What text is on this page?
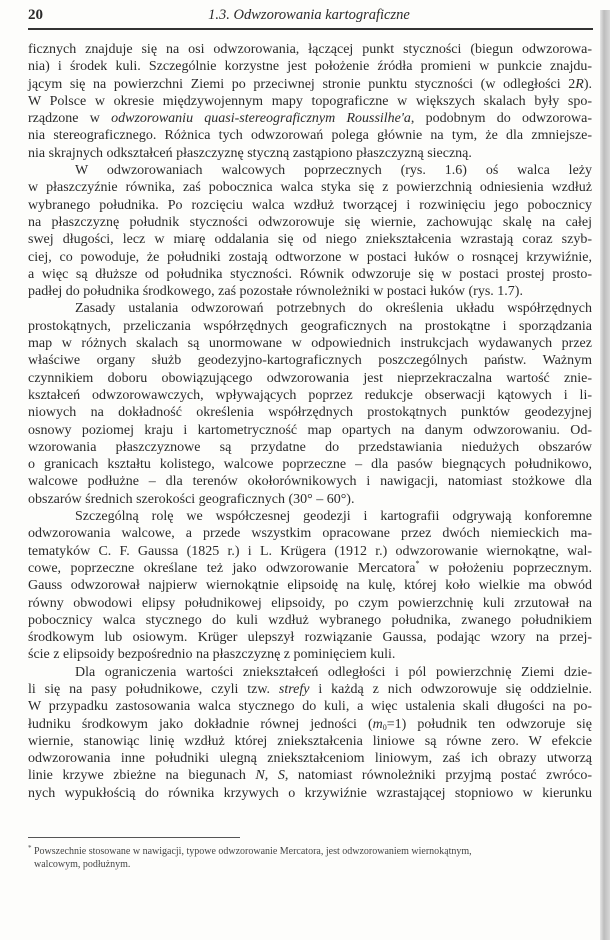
20	1.3. Odwzorowania kartograficzne
ficznych znajduje się na osi odwzorowania, łączącej punkt styczności (biegun odwzorowa-
nia) i środek kuli. Szczególnie korzystne jest położenie źródła promieni w punkcie znajdu-
jącym się na powierzchni Ziemi po przeciwnej stronie punktu styczności (w odległości 2R).
W Polsce w okresie międzywojennym mapy topograficzne w większych skalach były spo-
rządzone w odwzorowaniu quasi-stereograficznym Roussilhe'a, podobnym do odwzorowa-
nia stereograficznego. Różnica tych odwzorowań polega głównie na tym, że dla zmniejsze-
nia skrajnych odkształceń płaszczyznę styczną zastąpiono płaszczyzną sieczną.
W odwzorowaniach walcowych poprzecznych (rys. 1.6) oś walca leży
w płaszczyźnie równika, zaś pobocznica walca styka się z powierzchnią odniesienia wzdłuż
wybranego południka. Po rozcięciu walca wzdłuż tworzącej i rozwinięciu jego pobocznicy
na płaszczyznę południk styczności odwzorowuje się wiernie, zachowując skalę na całej
swej długości, lecz w miarę oddalania się od niego zniekształcenia wzrastają coraz szyb-
ciej, co powoduje, że południki zostają odtworzone w postaci łuków o rosnącej krzywiźnie,
a więc są dłuższe od południka styczności. Równik odwzoruje się w postaci prostej prosto-
padłej do południka środkowego, zaś pozostałe równoleżniki w postaci łuków (rys. 1.7).
Zasady ustalania odwzorowań potrzebnych do określenia układu współrzędnych
prostokątnych, przeliczania współrzędnych geograficznych na prostokątne i sporządzania
map w różnych skalach są unormowane w odpowiednich instrukcjach wydawanych przez
właściwe organy służb geodezyjno-kartograficznych poszczególnych państw. Ważnym
czynnikiem doboru obowiązującego odwzorowania jest nieprzekraczalna wartość znie-
kształceń odwzorowawczych, wpływających poprzez redukcje obserwacji kątowych i li-
niowych na dokładność określenia współrzędnych prostokątnych punktów geodezyjnej
osnowy poziomej kraju i kartometryczność map opartych na danym odwzorowaniu. Od-
wzorowania płaszczyznowe są przydatne do przedstawiania niedużych obszarów
o granicach kształtu kolistego, walcowe poprzeczne – dla pasów biegnących południkowo,
walcowe podłużne – dla terenów okołorównikowych i nawigacji, natomiast stożkowe dla
obszarów średnich szerokości geograficznych (30° – 60°).
Szczególną rolę we współczesnej geodezji i kartografii odgrywają konforemne
odwzorowania walcowe, a przede wszystkim opracowane przez dwóch niemieckich ma-
tematyków C. F. Gaussa (1825 r.) i L. Krügera (1912 r.) odwzorowanie wiernokątne, wal-
cowe, poprzeczne określane też jako odwzorowanie Mercatora* w położeniu poprzecznym.
Gauss odwzorował najpierw wiernokątnie elipsoidę na kulę, której koło wielkie ma obwód
równy obwodowi elipsy południkowej elipsoidy, po czym powierzchnię kuli zrzutował na
pobocznicy walca stycznego do kuli wzdłuż wybranego południka, zwanego południkiem
środkowym lub osiowym. Krüger ulepszył rozwiązanie Gaussa, podając wzory na przej-
ście z elipsoidy bezpośrednio na płaszczyznę z pominięciem kuli.
Dla ograniczenia wartości zniekształceń odległości i pól powierzchnię Ziemi dzie-
li się na pasy południkowe, czyli tzw. strefy i każdą z nich odwzorowuje się oddzielnie.
W przypadku zastosowania walca stycznego do kuli, a więc ustalenia skali długości na po-
łudniku środkowym jako dokładnie równej jedności $(m_0=1)$ południk ten odwzoruje się
wiernie, stanowiąc linię wzdłuż której zniekształcenia liniowe są równe zero. W efekcie
odwzorowania inne południki ulegną zniekształceniom liniowym, zaś ich obrazy utworzą
linie krzywe zbieżne na biegunach N, S, natomiast równoleżniki przyjmą postać zwróco-
nych wypukłością do równika krzywych o krzywiźnie wzrastającej stopniowo w kierunku
* Powszechnie stosowane w nawigacji, typowe odwzorowanie Mercatora, jest odwzorowaniem wiernokątnym,
walcowym, podłużnym.
